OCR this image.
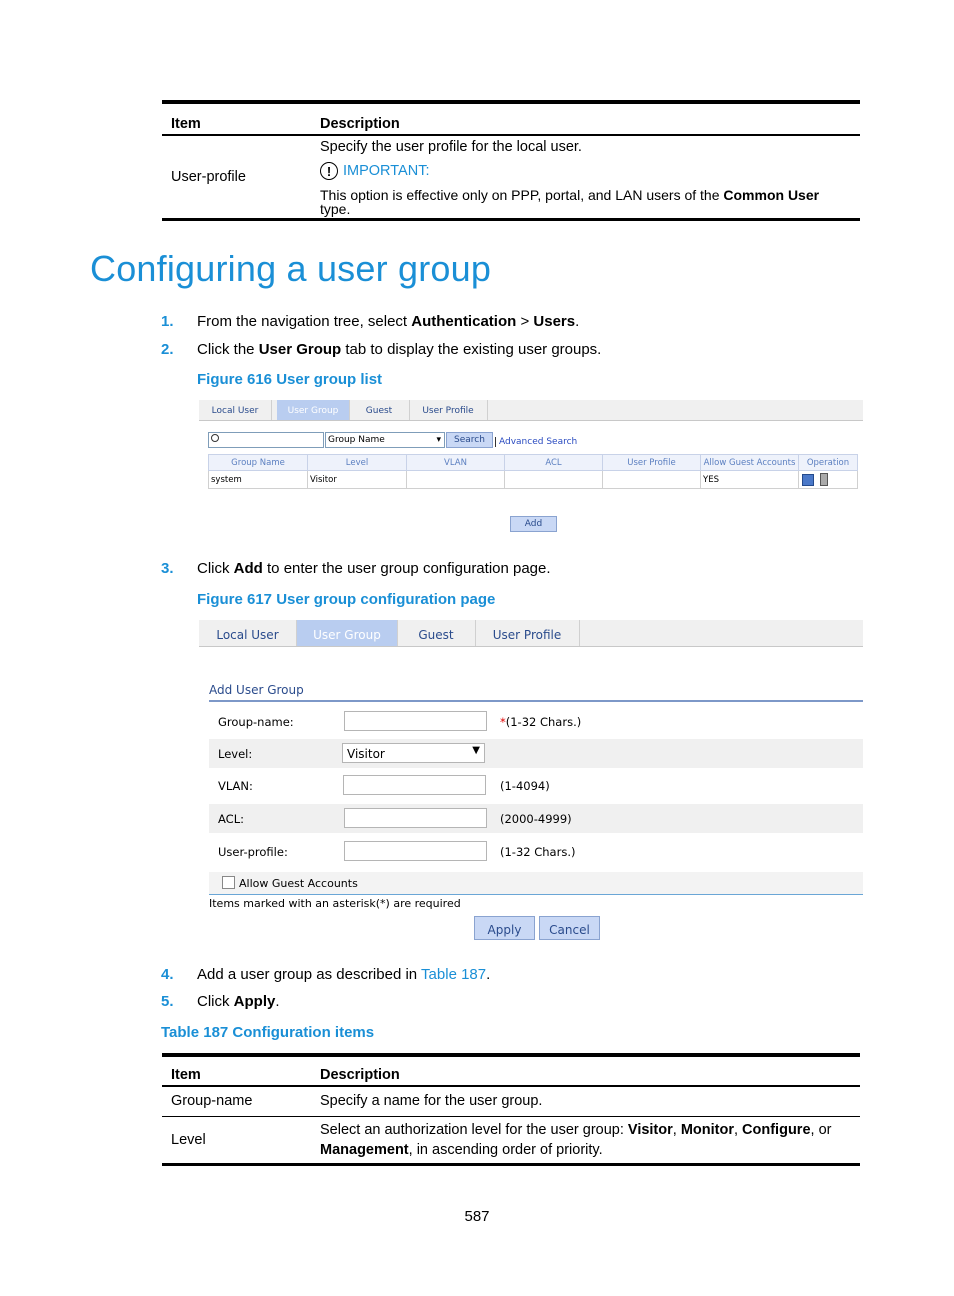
Item	Description
User-profile	Specify the user profile for the local user.
! IMPORTANT:
This option is effective only on PPP, portal, and LAN users of the Common User type.
Configuring a user group
1. From the navigation tree, select Authentication > Users.
2. Click the User Group tab to display the existing user groups.
Figure 616 User group list
Local User	User Group	Guest	User Profile
Group Name	▾	Search	Advanced Search
Group Name	Level	VLAN	ACL	User Profile	Allow Guest Accounts	Operation
system	Visitor				YES	
Add
3. Click Add to enter the user group configuration page.
Figure 617 User group configuration page
Local User	User Group	Guest	User Profile
Add User Group
Group-name:	*(1-32 Chars.)
Level:	Visitor	▼
VLAN:	(1-4094)
ACL:	(2000-4999)
User-profile:	(1-32 Chars.)
Allow Guest Accounts
Items marked with an asterisk(*) are required
Apply	Cancel
4. Add a user group as described in Table 187.
5. Click Apply.
Table 187 Configuration items
Item	Description
Group-name	Specify a name for the user group.
Level	Select an authorization level for the user group: Visitor, Monitor, Configure, or
Management, in ascending order of priority.
587
